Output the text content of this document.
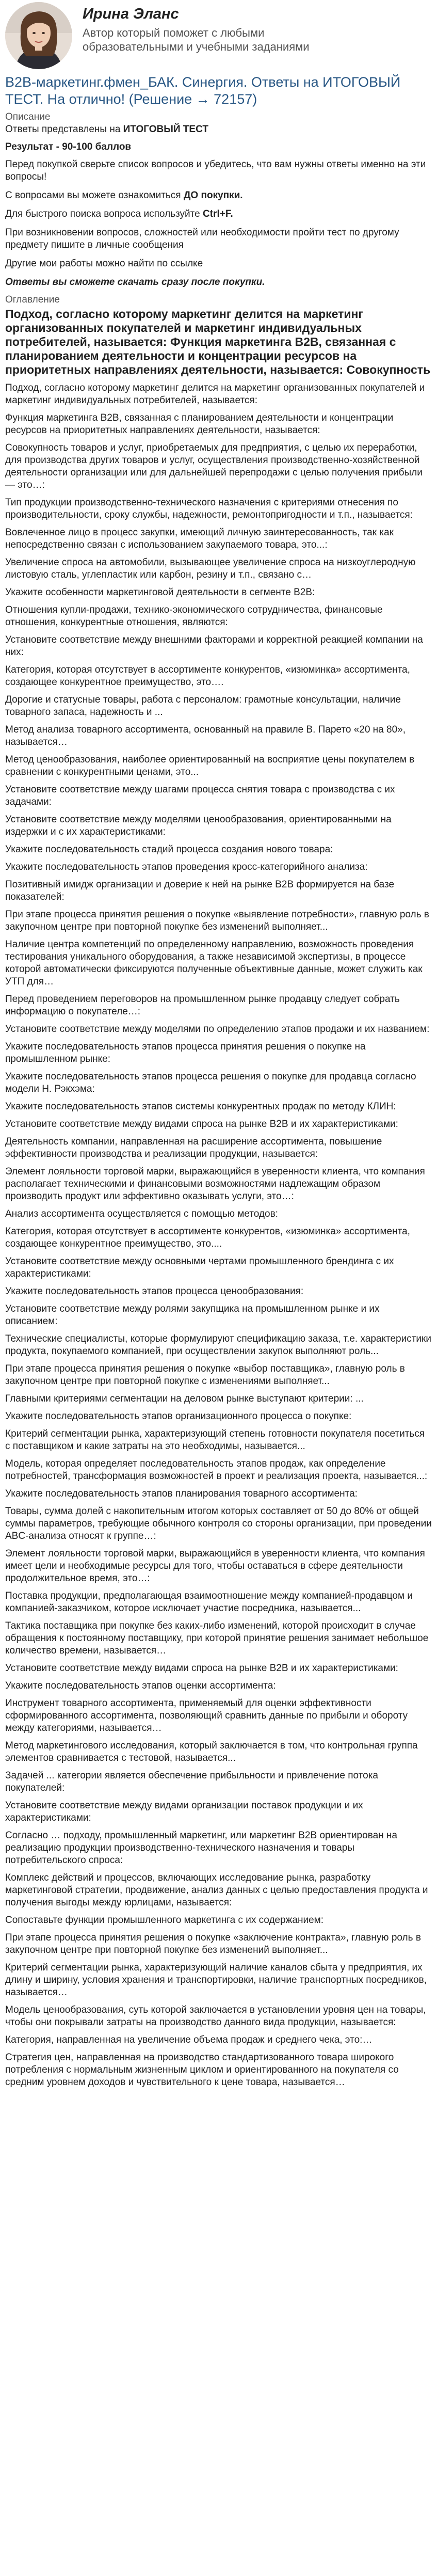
Ирина Эланс
Автор который поможет с любыми образовательными и учебными заданиями
B2B-маркетинг.фмен_БАК. Синергия. Ответы на ИТОГОВЫЙ ТЕСТ. На отлично! (Решение → 72157)
Описание
Ответы представлены на ИТОГОВЫЙ ТЕСТ
Результат - 90-100 баллов
Перед покупкой сверьте список вопросов и убедитесь, что вам нужны ответы именно на эти вопросы!
С вопросами вы можете ознакомиться ДО покупки.
Для быстрого поиска вопроса используйте Ctrl+F.
При возникновении вопросов, сложностей или необходимости пройти тест по другому предмету пишите в личные сообщения
Другие мои работы можно найти по ссылке
Ответы вы сможете скачать сразу после покупки.
Оглавление
Подход, согласно которому маркетинг делится на маркетинг организованных покупателей и маркетинг индивидуальных потребителей, называется: Функция маркетинга B2B, связанная с планированием деятельности и концентрации ресурсов на приоритетных направлениях деятельности, называется: Совокупность
Подход, согласно которому маркетинг делится на маркетинг организованных покупателей и маркетинг индивидуальных потребителей, называется:
Функция маркетинга B2B, связанная с планированием деятельности и концентрации ресурсов на приоритетных направлениях деятельности, называется:
Совокупность товаров и услуг, приобретаемых для предприятия, с целью их переработки, для производства других товаров и услуг, осуществления производственно-хозяйственной деятельности организации или для дальнейшей перепродажи с целью получения прибыли — это…:
Тип продукции производственно-технического назначения с критериями отнесения по производительности, сроку службы, надежности, ремонтопригодности и т.п., называется:
Вовлеченное лицо в процесс закупки, имеющий личную заинтересованность, так как непосредственно связан с использованием закупаемого товара, это...:
Увеличение спроса на автомобили, вызывающее увеличение спроса на низкоуглеродную листовую сталь, углепластик или карбон, резину и т.п., связано с…
Укажите особенности маркетинговой деятельности в сегменте B2B:
Отношения купли-продажи, технико-экономического сотрудничества, финансовые отношения, конкурентные отношения, являются:
Установите соответствие между внешними факторами и корректной реакцией компании на них:
Категория, которая отсутствует в ассортименте конкурентов, «изюминка» ассортимента, создающее конкурентное преимущество, это….
Дорогие и статусные товары, работа с персоналом: грамотные консультации, наличие товарного запаса, надежность и ...
Метод анализа товарного ассортимента, основанный на правиле В. Парето «20 на 80», называется…
Метод ценообразования, наиболее ориентированный на восприятие цены покупателем в сравнении с конкурентными ценами, это...
Установите соответствие между шагами процесса снятия товара с производства с их задачами:
Установите соответствие между моделями ценообразования, ориентированными на издержки и с их характеристиками:
Укажите последовательность стадий процесса создания нового товара:
Укажите последовательность этапов проведения кросс-категорийного анализа:
Позитивный имидж организации и доверие к ней на рынке B2B формируется на базе показателей:
При этапе процесса принятия решения о покупке «выявление потребности», главную роль в закупочном центре при повторной покупке без изменений выполняет...
Наличие центра компетенций по определенному направлению, возможность проведения тестирования уникального оборудования, а также независимой экспертизы, в процессе которой автоматически фиксируются полученные объективные данные, может служить как УТП для…
Перед проведением переговоров на промышленном рынке продавцу следует собрать информацию о покупателе…:
Установите соответствие между моделями по определению этапов продажи и их названием:
Укажите последовательность этапов процесса принятия решения о покупке на промышленном рынке:
Укажите последовательность этапов процесса решения о покупке для продавца согласно модели Н. Рэкхэма:
Укажите последовательность этапов системы конкурентных продаж по методу КЛИН:
Установите соответствие между видами спроса на рынке B2B и их характеристиками:
Деятельность компании, направленная на расширение ассортимента, повышение эффективности производства и реализации продукции, называется:
Элемент лояльности торговой марки, выражающийся в уверенности клиента, что компания располагает техническими и финансовыми возможностями надлежащим образом производить продукт или эффективно оказывать услуги, это…:
Анализ ассортимента осуществляется с помощью методов:
Категория, которая отсутствует в ассортименте конкурентов, «изюминка» ассортимента, создающее конкурентное преимущество, это....
Установите соответствие между основными чертами промышленного брендинга с их характеристиками:
Укажите последовательность этапов процесса ценообразования:
Установите соответствие между ролями закупщика на промышленном рынке и их описанием:
Технические специалисты, которые формулируют спецификацию заказа, т.е. характеристики продукта, покупаемого компанией, при осуществлении закупок выполняют роль...
При этапе процесса принятия решения о покупке «выбор поставщика», главную роль в закупочном центре при повторной покупке с изменениями выполняет...
Главными критериями сегментации на деловом рынке выступают критерии: ...
Укажите последовательность этапов организационного процесса о покупке:
Критерий сегментации рынка, характеризующий степень готовности покупателя посетиться с поставщиком и какие затраты на это необходимы, называется...
Модель, которая определяет последовательность этапов продаж, как определение потребностей, трансформация возможностей в проект и реализация проекта, называется...:
Укажите последовательность этапов планирования товарного ассортимента:
Товары, сумма долей с накопительным итогом которых составляет от 50 до 80% от общей суммы параметров, требующие обычного контроля со стороны организации, при проведении ABC-анализа относят к группе…:
Элемент лояльности торговой марки, выражающийся в уверенности клиента, что компания имеет цели и необходимые ресурсы для того, чтобы оставаться в сфере деятельности продолжительное время, это…:
Поставка продукции, предполагающая взаимоотношение между компанией-продавцом и компанией-заказчиком, которое исключает участие посредника, называется...
Тактика поставщика при покупке без каких-либо изменений, которой происходит в случае обращения к постоянному поставщику, при которой принятие решения занимает небольшое количество времени, называется…
Установите соответствие между видами спроса на рынке B2B и их характеристиками:
Укажите последовательность этапов оценки ассортимента:
Инструмент товарного ассортимента, применяемый для оценки эффективности сформированного ассортимента, позволяющий сравнить данные по прибыли и обороту между категориями, называется…
Метод маркетингового исследования, который заключается в том, что контрольная группа элементов сравнивается с тестовой, называется...
Задачей ... категории является обеспечение прибыльности и привлечение потока покупателей:
Установите соответствие между видами организации поставок продукции и их характеристиками:
Согласно … подходу, промышленный маркетинг, или маркетинг B2B ориентирован на реализацию продукции производственно-технического назначения и товары потребительского спроса:
Комплекс действий и процессов, включающих исследование рынка, разработку маркетинговой стратегии, продвижение, анализ данных с целью предоставления продукта и получения выгоды между юрлицами, называется:
Сопоставьте функции промышленного маркетинга с их содержанием:
При этапе процесса принятия решения о покупке «заключение контракта», главную роль в закупочном центре при повторной покупке без изменений выполняет...
Критерий сегментации рынка, характеризующий наличие каналов сбыта у предприятия, их длину и ширину, условия хранения и транспортировки, наличие транспортных посредников, называется…
Модель ценообразования, суть которой заключается в установлении уровня цен на товары, чтобы они покрывали затраты на производство данного вида продукции, называется:
Категория, направленная на увеличение объема продаж и среднего чека, это:…
Стратегия цен, направленная на производство стандартизованного товара широкого потребления с нормальным жизненным циклом и ориентированного на покупателя со средним уровнем доходов и чувствительного к цене товара, называется…
